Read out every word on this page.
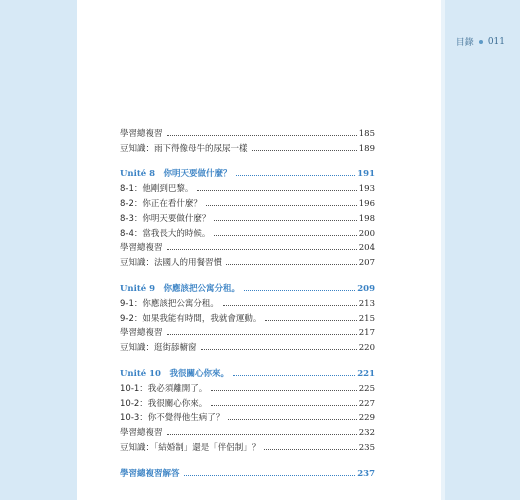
目錄 011
學習總複習	185
豆知識：雨下得像母牛的尿尿一樣	189
Unité 8　你明天要做什麼？	191
8-1：他剛到巴黎。	193
8-2：你正在看什麼？	196
8-3：你明天要做什麼？	198
8-4：當我長大的時候。	200
學習總複習	204
豆知識：法國人的用餐習慣	207
Unité 9　你應該把公寓分租。	209
9-1：你應該把公寓分租。	213
9-2：如果我能有時間，我就會運動。	215
學習總複習	217
豆知識：逛街舔櫥窗	220
Unité 10　我很關心你來。	221
10-1：我必須離開了。	225
10-2：我很關心你來。	227
10-3：你不覺得他生病了？	229
學習總複習	232
豆知識：「結婚制」還是「伴侶制」？	235
學習總複習解答	237
